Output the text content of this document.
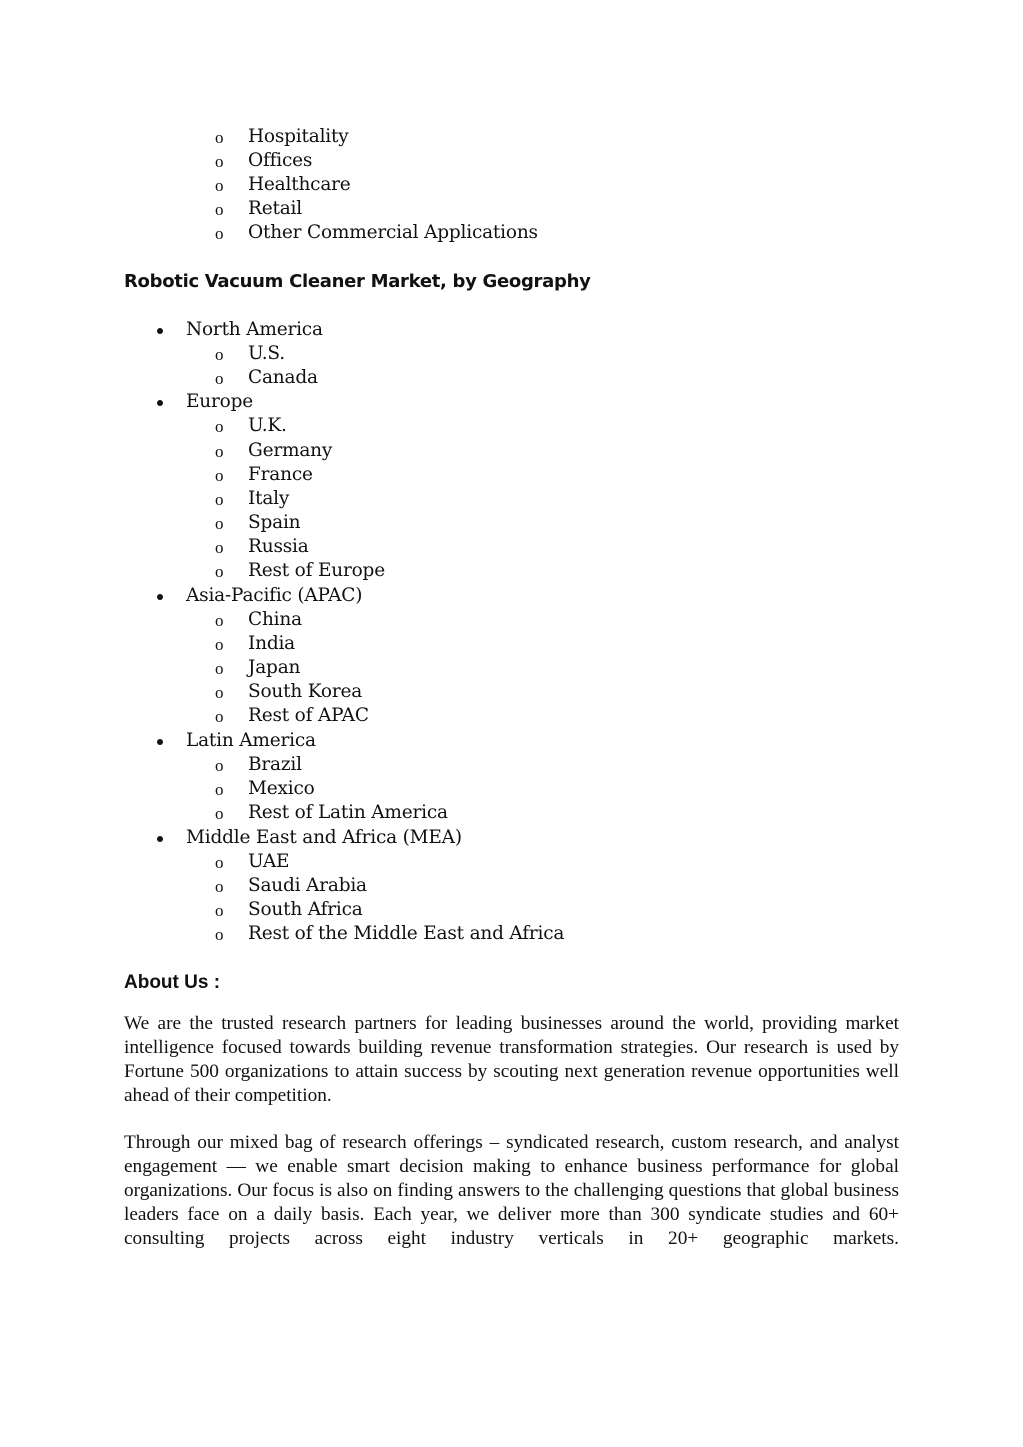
o Hospitality
o Offices
o Healthcare
o Retail
o Other Commercial Applications
Robotic Vacuum Cleaner Market, by Geography
North America
o U.S.
o Canada
Europe
o U.K.
o Germany
o France
o Italy
o Spain
o Russia
o Rest of Europe
Asia-Pacific (APAC)
o China
o India
o Japan
o South Korea
o Rest of APAC
Latin America
o Brazil
o Mexico
o Rest of Latin America
Middle East and Africa (MEA)
o UAE
o Saudi Arabia
o South Africa
o Rest of the Middle East and Africa
About Us :
We are the trusted research partners for leading businesses around the world, providing market intelligence focused towards building revenue transformation strategies. Our research is used by Fortune 500 organizations to attain success by scouting next generation revenue opportunities well ahead of their competition.
Through our mixed bag of research offerings – syndicated research, custom research, and analyst engagement — we enable smart decision making to enhance business performance for global organizations. Our focus is also on finding answers to the challenging questions that global business leaders face on a daily basis. Each year, we deliver more than 300 syndicate studies and 60+ consulting projects across eight industry verticals in 20+ geographic markets.
